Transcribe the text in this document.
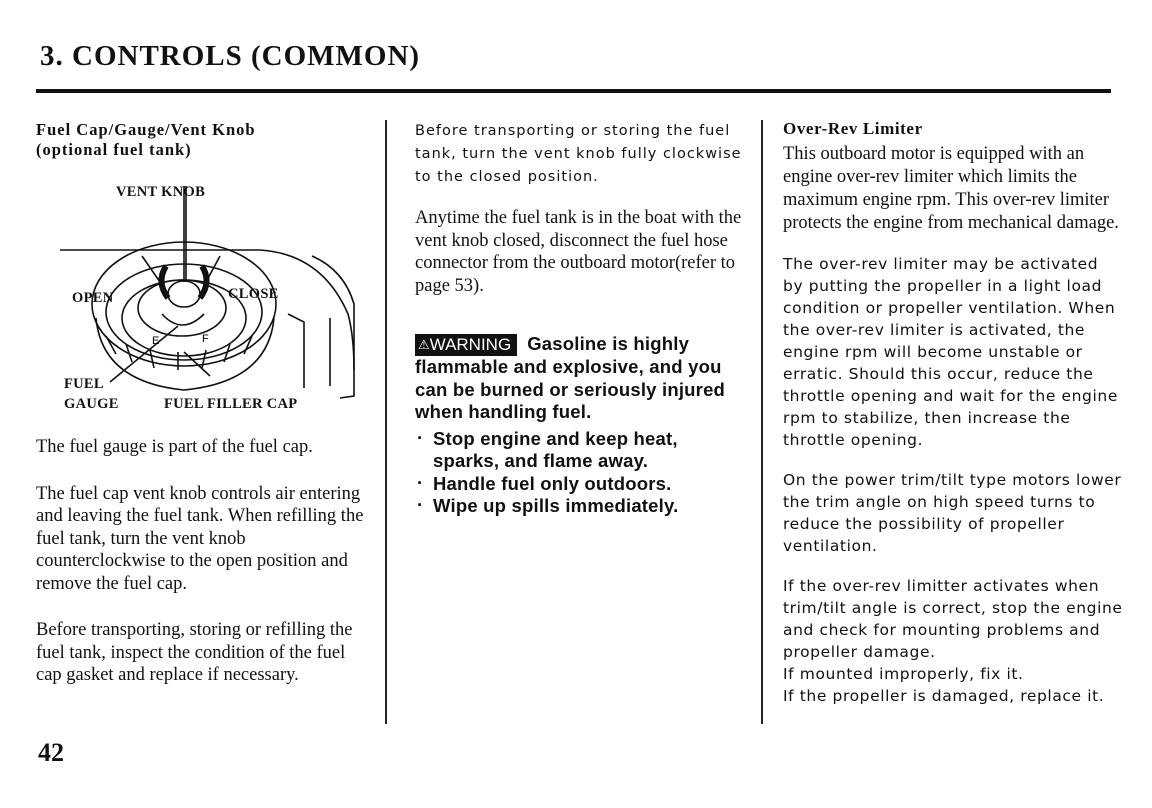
3. CONTROLS (COMMON)
Fuel Cap/Gauge/Vent Knob
(optional fuel tank)
E	F
VENT KNOB
OPEN	CLOSE
FUEL
GAUGE	FUEL FILLER CAP

The fuel gauge is part of the fuel cap.

The fuel cap vent knob controls air entering and leaving the fuel tank. When refilling the fuel tank, turn the vent knob counterclockwise to the open position and remove the fuel cap.

Before transporting, storing or refilling the fuel tank, inspect the condition of the fuel cap gasket and replace if necessary.

Before transporting or storing the fuel tank, turn the vent knob fully clockwise to the closed position.

Anytime the fuel tank is in the boat with the vent knob closed, disconnect the fuel hose connector from the outboard motor(refer to page 53).

⚠WARNING Gasoline is highly flammable and explosive, and you can be burned or seriously injured when handling fuel.
· Stop engine and keep heat, sparks, and flame away.
· Handle fuel only outdoors.
· Wipe up spills immediately.
Over-Rev Limiter

This outboard motor is equipped with an engine over-rev limiter which limits the maximum engine rpm. This over-rev limiter protects the engine from mechanical damage.

The over-rev limiter may be activated by putting the propeller in a light load condition or propeller ventilation. When the over-rev limiter is activated, the engine rpm will become unstable or erratic. Should this occur, reduce the throttle opening and wait for the engine rpm to stabilize, then increase the throttle opening.

On the power trim/tilt type motors lower the trim angle on high speed turns to reduce the possibility of propeller ventilation.

If the over-rev limitter activates when trim/tilt angle is correct, stop the engine and check for mounting problems and propeller damage.

If mounted improperly, fix it.

If the propeller is damaged, replace it.

42
